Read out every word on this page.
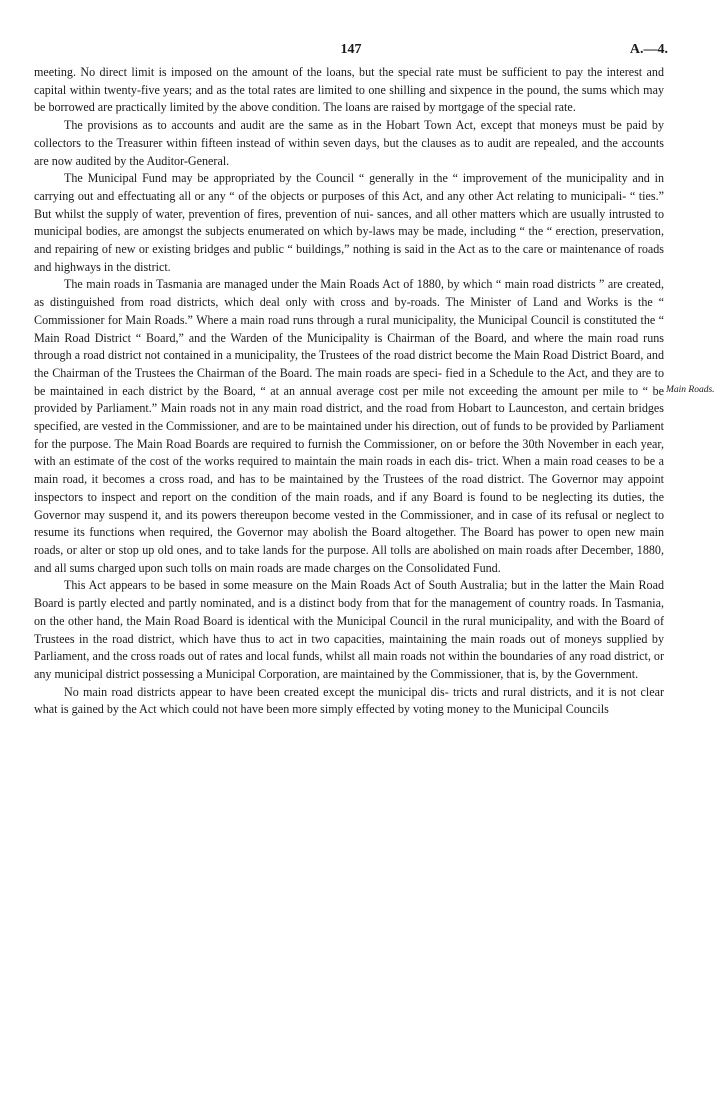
147	A.—4.

meeting. No direct limit is imposed on the amount of the loans, but the special rate must be sufficient to pay the interest and capital within twenty-five years; and as the total rates are limited to one shilling and sixpence in the pound, the sums which may be borrowed are practically limited by the above condition. The loans are raised by mortgage of the special rate.

The provisions as to accounts and audit are the same as in the Hobart Town Act, except that moneys must be paid by collectors to the Treasurer within fifteen instead of within seven days, but the clauses as to audit are repealed, and the accounts are now audited by the Auditor-General.

The Municipal Fund may be appropriated by the Council “ generally in the “ improvement of the municipality and in carrying out and effectuating all or any “ of the objects or purposes of this Act, and any other Act relating to municipali- “ ties.” But whilst the supply of water, prevention of fires, prevention of nui- sances, and all other matters which are usually intrusted to municipal bodies, are amongst the subjects enumerated on which by-laws may be made, including “ the “ erection, preservation, and repairing of new or existing bridges and public “ buildings,” nothing is said in the Act as to the care or maintenance of roads and highways in the district.

The main roads in Tasmania are managed under the Main Roads Act of 1880, by which “ main road districts ” are created, as distinguished from road districts, which deal only with cross and by-roads. The Minister of Land and Works is the “ Commissioner for Main Roads.” Where a main road runs through a rural municipality, the Municipal Council is constituted the “ Main Road District “ Board,” and the Warden of the Municipality is Chairman of the Board, and where the main road runs through a road district not contained in a municipality, the Trustees of the road district become the Main Road District Board, and the Chairman of the Trustees the Chairman of the Board. The main roads are speci- fied in a Schedule to the Act, and they are to be maintained in each district by the Board, “ at an annual average cost per mile not exceeding the amount per mile to “ be provided by Parliament.” Main roads not in any main road district, and the road from Hobart to Launceston, and certain bridges specified, are vested in the Commissioner, and are to be maintained under his direction, out of funds to be provided by Parliament for the purpose. The Main Road Boards are required to furnish the Commissioner, on or before the 30th November in each year, with an estimate of the cost of the works required to maintain the main roads in each dis- trict. When a main road ceases to be a main road, it becomes a cross road, and has to be maintained by the Trustees of the road district. The Governor may appoint inspectors to inspect and report on the condition of the main roads, and if any Board is found to be neglecting its duties, the Governor may suspend it, and its powers thereupon become vested in the Commissioner, and in case of its refusal or neglect to resume its functions when required, the Governor may abolish the Board altogether. The Board has power to open new main roads, or alter or stop up old ones, and to take lands for the purpose. All tolls are abolished on main roads after December, 1880, and all sums charged upon such tolls on main roads are made charges on the Consolidated Fund.

This Act appears to be based in some measure on the Main Roads Act of South Australia; but in the latter the Main Road Board is partly elected and partly nominated, and is a distinct body from that for the management of country roads. In Tasmania, on the other hand, the Main Road Board is identical with the Municipal Council in the rural municipality, and with the Board of Trustees in the road district, which have thus to act in two capacities, maintaining the main roads out of moneys supplied by Parliament, and the cross roads out of rates and local funds, whilst all main roads not within the boundaries of any road district, or any municipal district possessing a Municipal Corporation, are maintained by the Commissioner, that is, by the Government.

No main road districts appear to have been created except the municipal dis- tricts and rural districts, and it is not clear what is gained by the Act which could not have been more simply effected by voting money to the Municipal Councils

Main Roads.
